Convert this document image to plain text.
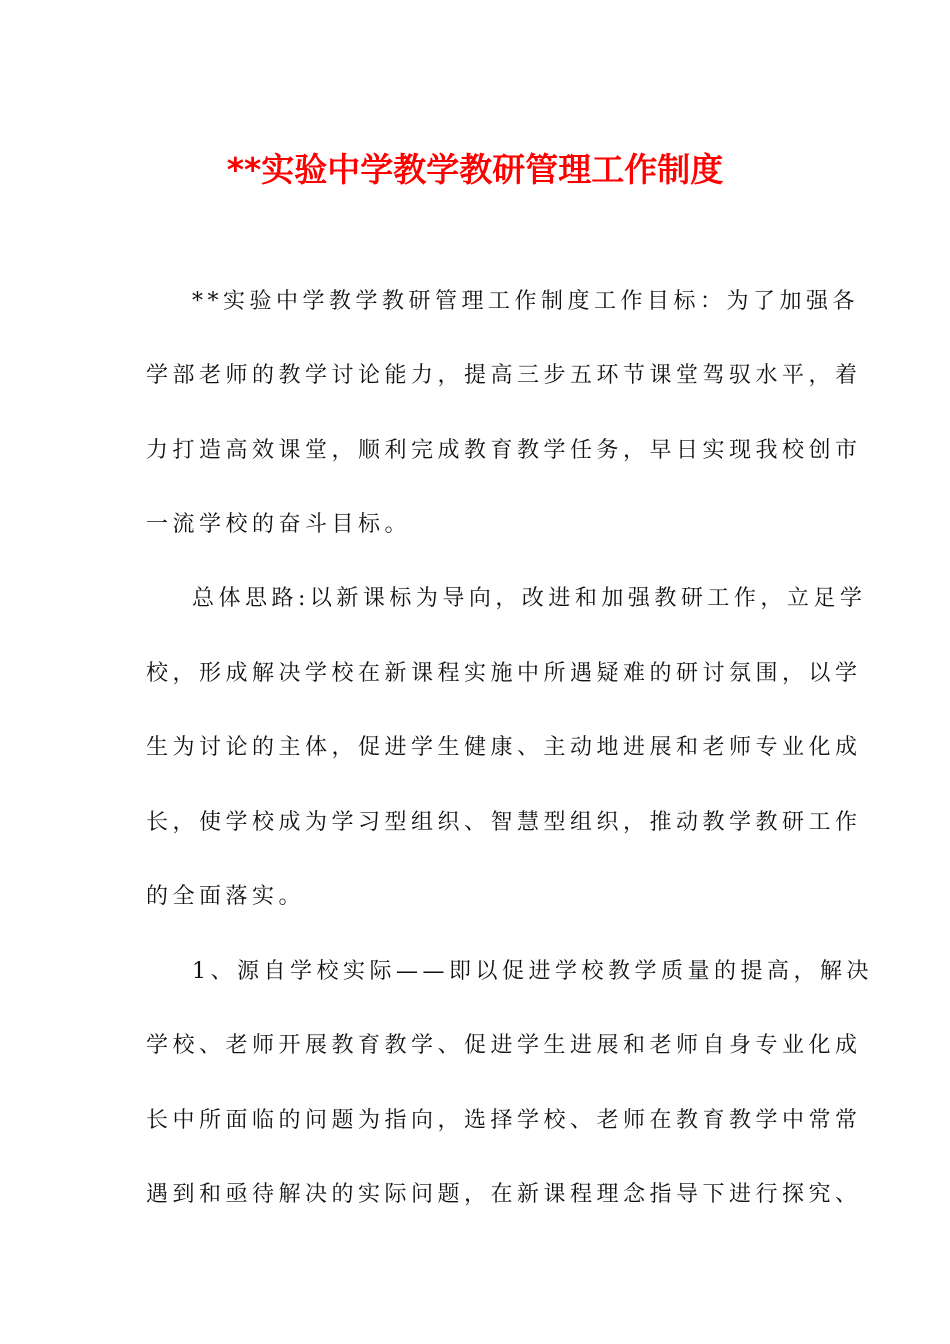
**实验中学教学教研管理工作制度
**实验中学教学教研管理工作制度工作目标：为了加强各
学部老师的教学讨论能力，提高三步五环节课堂驾驭水平，着
力打造高效课堂，顺利完成教育教学任务，早日实现我校创市
一流学校的奋斗目标。
总体思路:以新课标为导向，改进和加强教研工作，立足学
校，形成解决学校在新课程实施中所遇疑难的研讨氛围，以学
生为讨论的主体，促进学生健康、主动地进展和老师专业化成
长，使学校成为学习型组织、智慧型组织，推动教学教研工作
的全面落实。
1、源自学校实际——即以促进学校教学质量的提高，解决
学校、老师开展教育教学、促进学生进展和老师自身专业化成
长中所面临的问题为指向，选择学校、老师在教育教学中常常
遇到和亟待解决的实际问题，在新课程理念指导下进行探究、
